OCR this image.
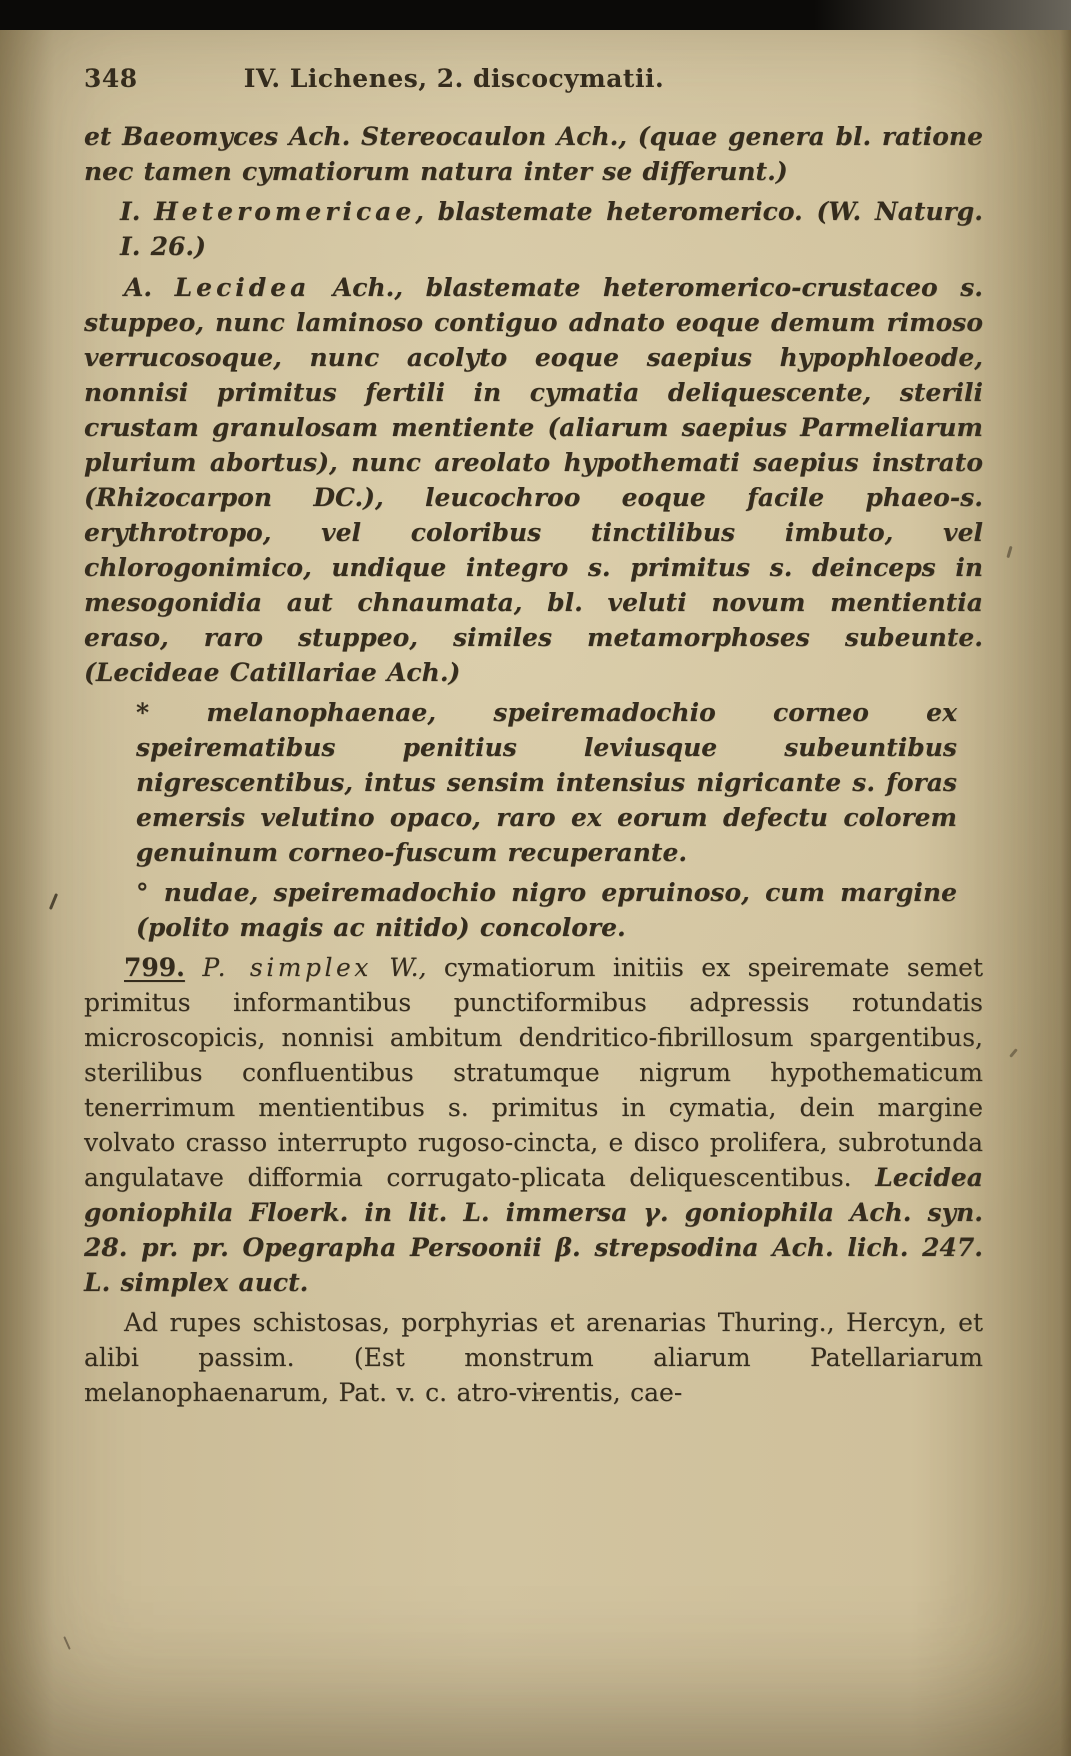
348	IV. Lichenes, 2. discocymatii.

et Baeomyces Ach. Stereocaulon Ach., (quae genera bl. ratione nec tamen cymatiorum natura inter se differunt.)

I. Heteromericae, blastemate heteromerico. (W. Naturg. I. 26.)

A. Lecidea Ach., blastemate heteromerico-crustaceo s. stuppeo, nunc laminoso contiguo adnato eoque demum rimoso verrucosoque, nunc acolyto eoque saepius hypophloeode, nonnisi primitus fertili in cymatia deliquescente, sterili crustam granulosam mentiente (aliarum saepius Parmeliarum plurium abortus), nunc areolato hypothemati saepius instrato (Rhizocarpon DC.), leucochroo eoque facile phaeo-s. erythrotropo, vel coloribus tinctilibus imbuto, vel chlorogonimico, undique integro s. primitus s. deinceps in mesogonidia aut chnaumata, bl. veluti novum mentientia eraso, raro stuppeo, similes metamorphoses subeunte. (Lecideae Catillariae Ach.)

* melanophaenae, speiremadochio corneo ex speirematibus penitius leviusque subeuntibus nigrescentibus, intus sensim intensius nigricante s. foras emersis velutino opaco, raro ex eorum defectu colorem genuinum corneo-fuscum recuperante.

° nudae, speiremadochio nigro epruinoso, cum margine (polito magis ac nitido) concolore.

799. P. simplex W., cymatiorum initiis ex speiremate semet primitus informantibus punctiformibus adpressis rotundatis microscopicis, nonnisi ambitum dendritico-fibrillosum spargentibus, sterilibus confluentibus stratumque nigrum hypothematicum tenerrimum mentientibus s. primitus in cymatia, dein margine volvato crasso interrupto rugoso-cincta, e disco prolifera, subrotunda angulatave difformia corrugato-plicata deliquescentibus. Lecidea goniophila Floerk. in lit. L. immersa γ. goniophila Ach. syn. 28. pr. pr. Opegrapha Persoonii β. strepsodina Ach. lich. 247. L. simplex auct.

Ad rupes schistosas, porphyrias et arenarias Thuring., Hercyn, et alibi passim. (Est monstrum aliarum Patellariarum melanophaenarum, Pat. v. c. atro-virentis, cae-
